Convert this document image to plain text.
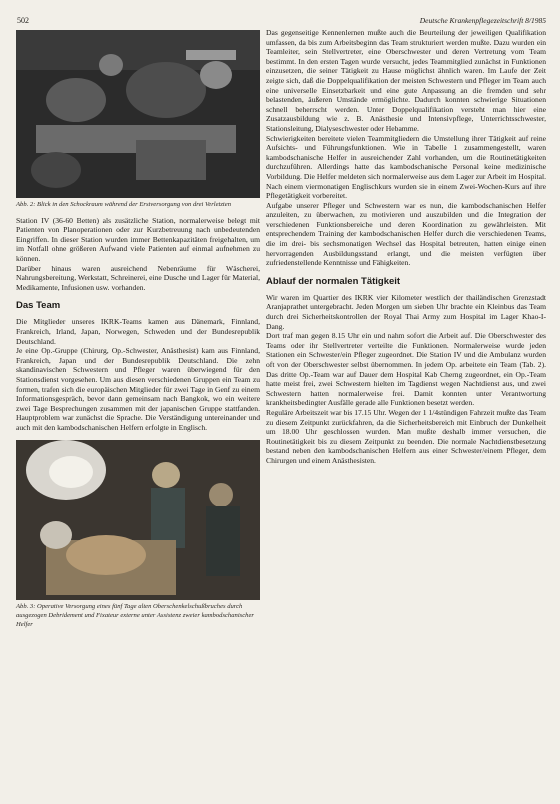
502	Deutsche Krankenpflegezeitschrift 8/1985
Abb. 2: Blick in den Schockraum während der Erstversorgung von drei Verletzten

Station IV (36-60 Betten) als zusätzliche Station, normalerweise belegt mit Patienten von Planoperationen oder zur Kurzbetreuung nach unbedeutenden Eingriffen. In dieser Station wurden immer Bettenkapazitäten freigehalten, um im Notfall ohne größeren Aufwand viele Patienten auf einmal aufnehmen zu können.

Darüber hinaus waren ausreichend Nebenräume für Wäscherei, Nahrungsbereitung, Werkstatt, Schreinerei, eine Dusche und Lager für Material, Medikamente, Infusionen usw. vorhanden.

Das Team

Die Mitglieder unseres IKRK-Teams kamen aus Dänemark, Finnland, Frankreich, Irland, Japan, Norwegen, Schweden und der Bundesrepublik Deutschland.

Je eine Op.-Gruppe (Chirurg, Op.-Schwester, Anästhesist) kam aus Finnland, Frankreich, Japan und der Bundesrepublik Deutschland. Die zehn skandinavischen Schwestern und Pfleger waren überwiegend für den Stationsdienst vorgesehen. Um aus diesen verschiedenen Gruppen ein Team zu formen, trafen sich die europäischen Mitglieder für zwei Tage in Genf zu einem Informationsgespräch, bevor dann gemeinsam nach Bangkok, wo ein weitere zwei Tage Besprechungen zusammen mit der japanischen Gruppe stattfanden. Hauptproblem war zunächst die Sprache. Die Verständigung untereinander und auch mit den kambodschanischen Helfern erfolgte in Englisch.

Abb. 3: Operative Versorgung eines fünf Tage alten Oberschenkelschußbruches durch ausgezogen Debridement und Fixateur externe unter Assistenz zweier kambodschanischer Helfer

Das gegenseitige Kennenlernen mußte auch die Beurteilung der jeweiligen Qualifikation umfassen, da bis zum Arbeitsbeginn das Team strukturiert werden mußte. Dazu wurden ein Teamleiter, sein Stellvertreter, eine Oberschwester und deren Vertretung vom Team bestimmt. In den ersten Tagen wurde versucht, jedes Teammitglied zunächst in Funktionen einzusetzen, die seiner Tätigkeit zu Hause möglichst ähnlich waren. Im Laufe der Zeit zeigte sich, daß die Doppelqualifikation der meisten Schwestern und Pfleger im Team auch eine universelle Einsetzbarkeit und eine gute Anpassung an die fremden und sehr belastenden, äußeren Umstände ermöglichte. Dadurch konnten schwierige Situationen schnell beherrscht werden. Unter Doppelqualifikation versteht man hier eine Zusatzausbildung wie z. B. Anästhesie und Intensivpflege, Unterrichtsschwester, Stationsleitung, Dialyseschwester oder Hebamme.

Schwierigkeiten bereitete vielen Teammitgliedern die Umstellung ihrer Tätigkeit auf reine Aufsichts- und Führungsfunktionen. Wie in Tabelle 1 zusammengestellt, waren kambodschanische Helfer in ausreichender Zahl vorhanden, um die Routinetätigkeiten durchzuführen. Allerdings hatte das kambodschanische Personal keine medizinische Vorbildung. Die Helfer meldeten sich normalerweise aus dem Lager zur Arbeit im Hospital. Nach einem viermonatigen Englischkurs wurden sie in einem Zwei-Wochen-Kurs auf ihre Pflegetätigkeit vorbereitet.

Aufgabe unserer Pfleger und Schwestern war es nun, die kambodschanischen Helfer anzuleiten, zu überwachen, zu motivieren und auszubilden und die Integration der verschiedenen Funktionsbereiche und deren Koordination zu gewährleisten. Mit entsprechendem Training der kambodschanischen Helfer durch die verschiedenen Teams, die im drei- bis sechsmonatigen Wechsel das Hospital betreuten, hatten einige einen hervorragenden Ausbildungsstand erlangt, und die meisten verfügten über zufriedenstellende Kenntnisse und Fähigkeiten.

Ablauf der normalen Tätigkeit

Wir waren im Quartier des IKRK vier Kilometer westlich der thailändischen Grenzstadt Aranjaprathet untergebracht. Jeden Morgen um sieben Uhr brachte ein Kleinbus das Team durch drei Sicherheitskontrollen der Royal Thai Army zum Hospital im Lager Khao-I-Dang.

Dort traf man gegen 8.15 Uhr ein und nahm sofort die Arbeit auf. Die Oberschwester des Teams oder ihr Stellvertreter verteilte die Funktionen. Normalerweise wurde jeden Stationen ein Schwester/ein Pfleger zugeordnet. Die Station IV und die Ambulanz wurden oft von der Oberschwester selbst übernommen. In jedem Op. arbeitete ein Team (Tab. 2). Das dritte Op.-Team war auf Dauer dem Hospital Kab Cherng zugeordnet, ein Op.-Team hatte meist frei, zwei Schwestern hielten im Tagdienst wegen Nachtdienst aus, und zwei Schwestern hatten normalerweise frei. Damit konnten unter Verantwortung krankheitsbedingter Ausfälle gerade alle Funktionen besetzt werden.

Reguläre Arbeitszeit war bis 17.15 Uhr. Wegen der 1 1/4stündigen Fahrzeit mußte das Team zu diesem Zeitpunkt zurückfahren, da die Sicherheitsbereich mit Einbruch der Dunkelheit um 18.00 Uhr geschlossen wurden. Man mußte deshalb immer versuchen, die Routinetätigkeit bis zu diesem Zeitpunkt zu beenden. Die normale Nachtdienstbesetzung bestand neben den kambodschanischen Helfern aus einer Schwester/einem Pfleger, dem Chirurgen und einem Anästhesisten.
